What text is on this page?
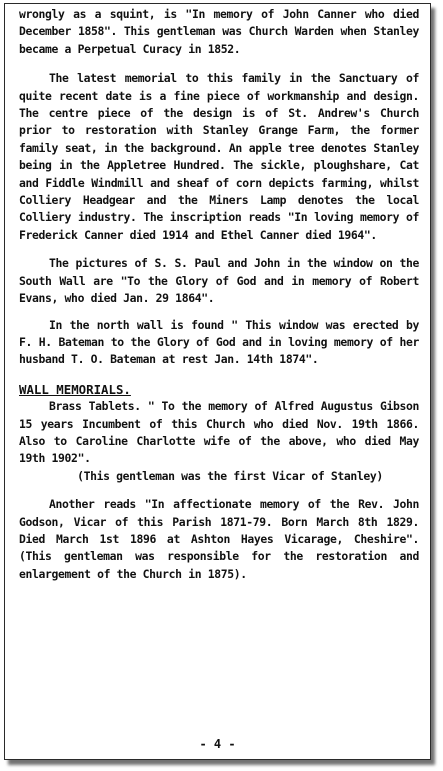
wrongly as a squint, is "In memory of John Canner who died December 1858". This gentleman was Church Warden when Stanley became a Perpetual Curacy in 1852.

The latest memorial to this family in the Sanctuary of quite recent date is a fine piece of workmanship and design. The centre piece of the design is of St. Andrew's Church prior to restoration with Stanley Grange Farm, the former family seat, in the background. An apple tree denotes Stanley being in the Appletree Hundred. The sickle, ploughshare, Cat and Fiddle Windmill and sheaf of corn depicts farming, whilst Colliery Headgear and the Miners Lamp denotes the local Colliery industry. The inscription reads "In loving memory of Frederick Canner died 1914 and Ethel Canner died 1964".

The pictures of S. S. Paul and John in the window on the South Wall are "To the Glory of God and in memory of Robert Evans, who died Jan. 29 1864".

In the north wall is found " This window was erected by F. H. Bateman to the Glory of God and in loving memory of her husband T. O. Bateman at rest Jan. 14th 1874".

WALL MEMORIALS.

Brass Tablets. " To the memory of Alfred Augustus Gibson 15 years Incumbent of this Church who died Nov. 19th 1866. Also to Caroline Charlotte wife of the above, who died May 19th 1902".

(This gentleman was the first Vicar of Stanley)

Another reads "In affectionate memory of the Rev. John Godson, Vicar of this Parish 1871-79. Born March 8th 1829. Died March 1st 1896 at Ashton Hayes Vicarage, Cheshire". (This gentleman was responsible for the restoration and enlargement of the Church in 1875).

- 4 -
